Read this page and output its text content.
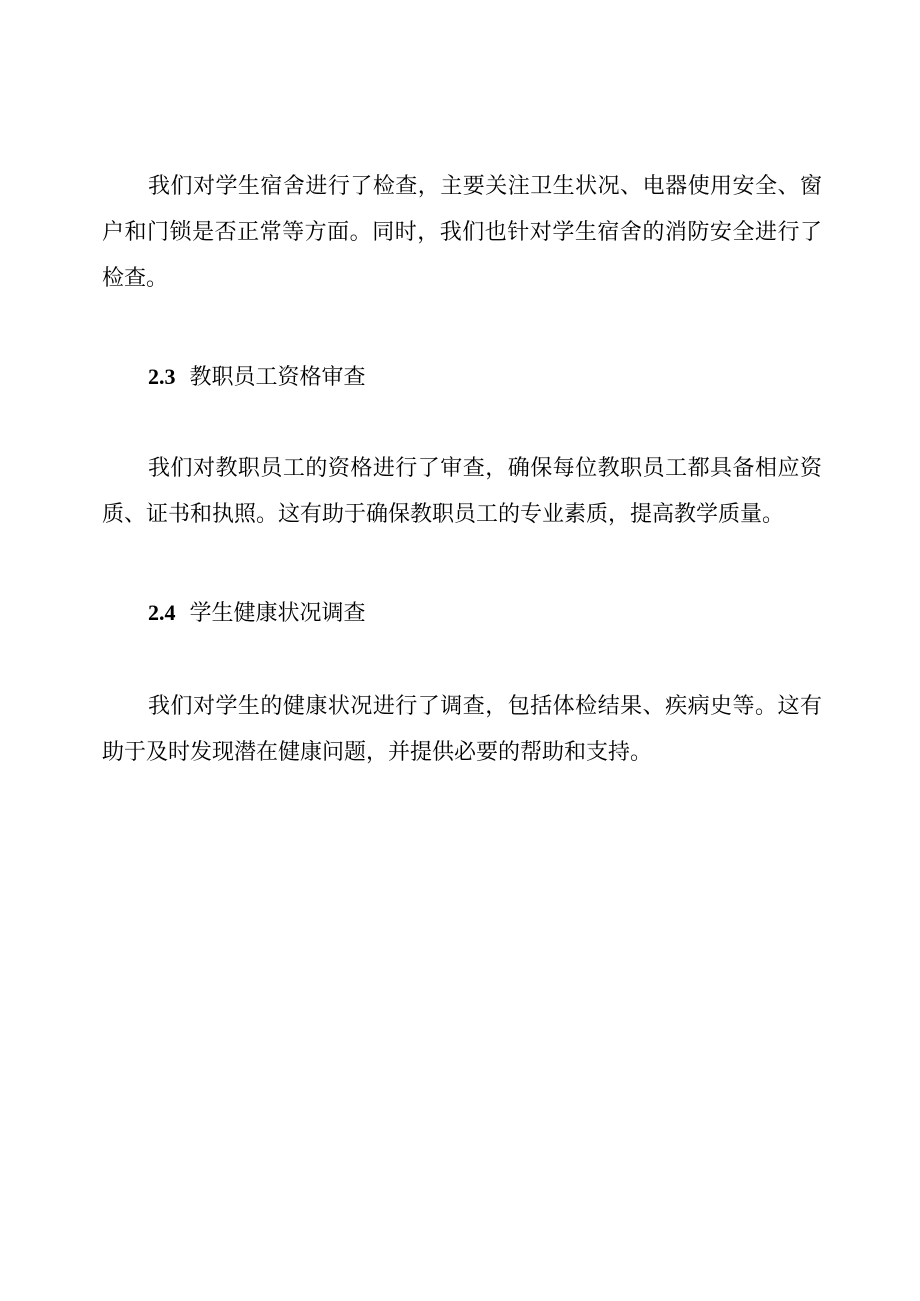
我们对学生宿舍进行了检查，主要关注卫生状况、电器使用安全、窗户和门锁是否正常等方面。同时，我们也针对学生宿舍的消防安全进行了检查。

2.3 教职员工资格审查

我们对教职员工的资格进行了审查，确保每位教职员工都具备相应资质、证书和执照。这有助于确保教职员工的专业素质，提高教学质量。

2.4 学生健康状况调查

我们对学生的健康状况进行了调查，包括体检结果、疾病史等。这有助于及时发现潜在健康问题，并提供必要的帮助和支持。
